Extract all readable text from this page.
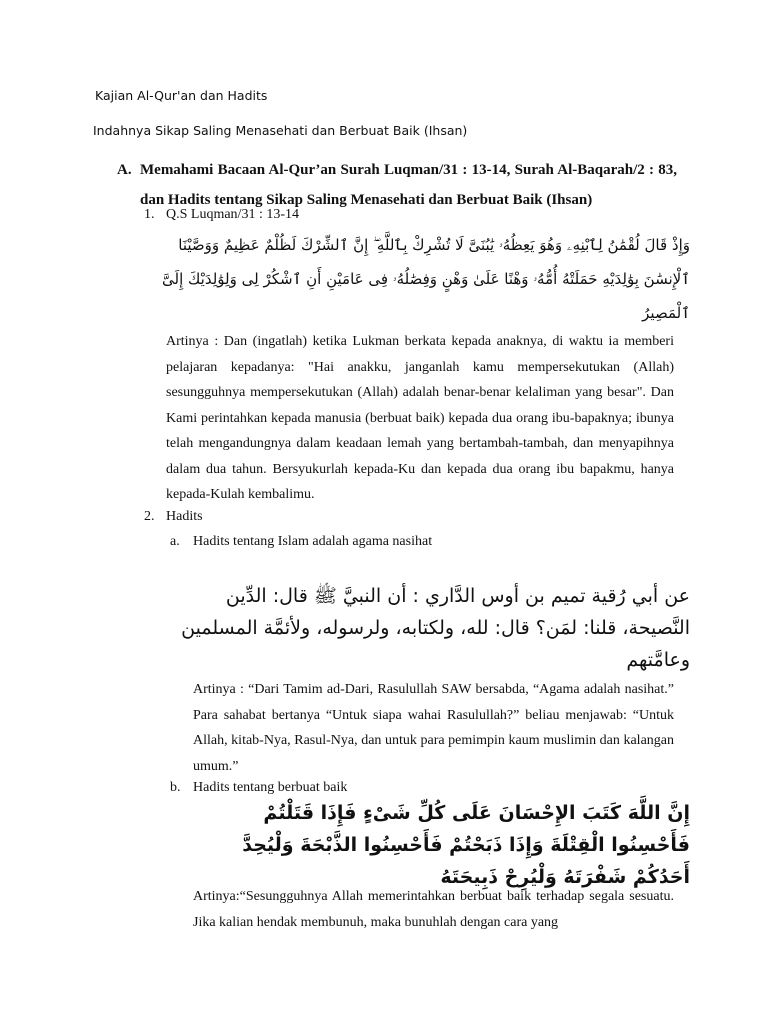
Kajian Al-Qur'an dan Hadits
Indahnya Sikap Saling Menasehati dan Berbuat Baik (Ihsan)
A. Memahami Bacaan Al-Qur’an Surah Luqman/31 : 13-14, Surah Al-Baqarah/2 : 83, dan Hadits tentang Sikap Saling Menasehati dan Berbuat Baik (Ihsan)
1. Q.S Luqman/31 : 13-14
وَإِذْ قَالَ لُقْمَٰنُ لِٱبْنِهِۦ وَهُوَ يَعِظُهُۥ يَٰبُنَىَّ لَا تُشْرِكْ بِٱللَّهِ ۖ إِنَّ ٱلشِّرْكَ لَظُلْمٌ عَظِيمٌ وَوَصَّيْنَا ٱلْإِنسَٰنَ بِوَٰلِدَيْهِ حَمَلَتْهُ أُمُّهُۥ وَهْنًا عَلَىٰ وَهْنٍ وَفِصَٰلُهُۥ فِى عَامَيْنِ أَنِ ٱشْكُرْ لِى وَلِوَٰلِدَيْكَ إِلَىَّ ٱلْمَصِيرُ
Artinya : Dan (ingatlah) ketika Lukman berkata kepada anaknya, di waktu ia memberi pelajaran kepadanya: "Hai anakku, janganlah kamu mempersekutukan (Allah) sesungguhnya mempersekutukan (Allah) adalah benar-benar kelaliman yang besar". Dan Kami perintahkan kepada manusia (berbuat baik) kepada dua orang ibu-bapaknya; ibunya telah mengandungnya dalam keadaan lemah yang bertambah-tambah, dan menyapihnya dalam dua tahun. Bersyukurlah kepada-Ku dan kepada dua orang ibu bapakmu, hanya kepada-Kulah kembalimu.
2. Hadits
a. Hadits tentang Islam adalah agama nasihat
عن أبي رُقية تميم بن أوس الدَّاري : أن النبيَّ ﷺ قال: الدِّين النَّصيحة، قلنا: لمَن؟ قال: لله، ولكتابه، ولرسوله، ولأئمَّة المسلمين وعامَّتهم
Artinya : “Dari Tamim ad-Dari, Rasulullah SAW bersabda, “Agama adalah nasihat.” Para sahabat bertanya “Untuk siapa wahai Rasulullah?” beliau menjawab: “Untuk Allah, kitab-Nya, Rasul-Nya, dan untuk para pemimpin kaum muslimin dan kalangan umum.”
b. Hadits tentang berbuat baik
إِنَّ اللَّهَ كَتَبَ الإِحْسَانَ عَلَى كُلِّ شَىْءٍ فَإِذَا قَتَلْتُمْ فَأَحْسِنُوا الْقِتْلَةَ وَإِذَا ذَبَحْتُمْ فَأَحْسِنُوا الذَّبْحَةَ وَلْيُحِدَّ أَحَدُكُمْ شَفْرَتَهُ وَلْيُرِحْ ذَبِيحَتَهُ
Artinya:“Sesungguhnya Allah memerintahkan berbuat baik terhadap segala sesuatu. Jika kalian hendak membunuh, maka bunuhlah dengan cara yang
